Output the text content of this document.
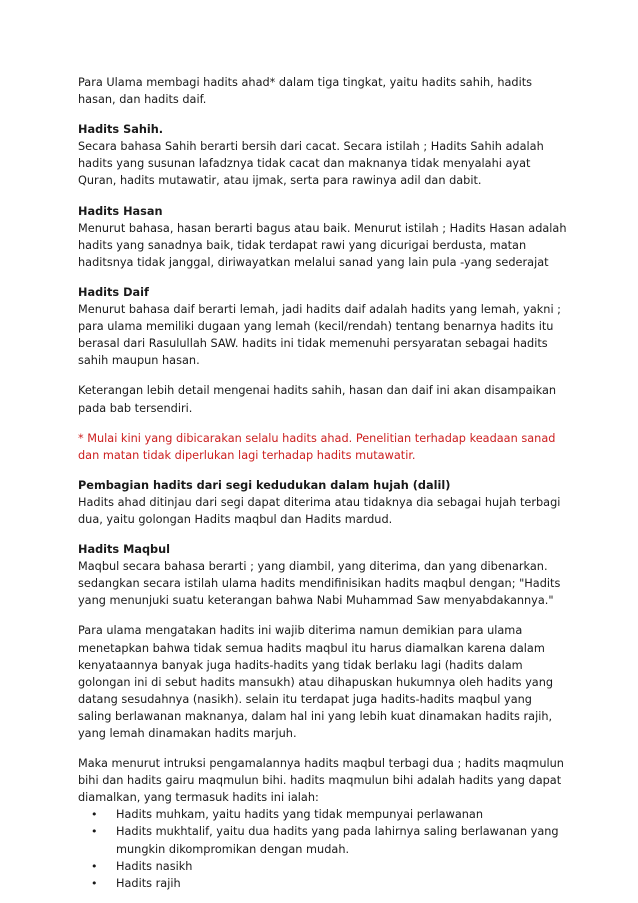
Para Ulama membagi hadits ahad* dalam tiga tingkat, yaitu hadits sahih, hadits hasan, dan hadits daif.

Hadits Sahih.
Secara bahasa Sahih berarti bersih dari cacat. Secara istilah ; Hadits Sahih adalah hadits yang susunan lafadznya tidak cacat dan maknanya tidak menyalahi ayat Quran, hadits mutawatir, atau ijmak, serta para rawinya adil dan dabit.

Hadits Hasan
Menurut bahasa, hasan berarti bagus atau baik. Menurut istilah ; Hadits Hasan adalah hadits yang sanadnya baik, tidak terdapat rawi yang dicurigai berdusta, matan haditsnya tidak janggal, diriwayatkan melalui sanad yang lain pula -yang sederajat

Hadits Daif
Menurut bahasa daif berarti lemah, jadi hadits daif adalah hadits yang lemah, yakni ; para ulama memiliki dugaan yang lemah (kecil/rendah) tentang benarnya hadits itu berasal dari Rasulullah SAW. hadits ini tidak memenuhi persyaratan sebagai hadits sahih maupun hasan.

Keterangan lebih detail mengenai hadits sahih, hasan dan daif ini akan disampaikan pada bab tersendiri.

* Mulai kini yang dibicarakan selalu hadits ahad. Penelitian terhadap keadaan sanad dan matan tidak diperlukan lagi terhadap hadits mutawatir.

Pembagian hadits dari segi kedudukan dalam hujah (dalil)
Hadits ahad ditinjau dari segi dapat diterima atau tidaknya dia sebagai hujah terbagi dua, yaitu golongan Hadits maqbul dan Hadits mardud.

Hadits Maqbul
Maqbul secara bahasa berarti ; yang diambil, yang diterima, dan yang dibenarkan. sedangkan secara istilah ulama hadits mendifinisikan hadits maqbul dengan; "Hadits yang menunjuki suatu keterangan bahwa Nabi Muhammad Saw menyabdakannya."

Para ulama mengatakan hadits ini wajib diterima namun demikian para ulama menetapkan bahwa tidak semua hadits maqbul itu harus diamalkan karena dalam kenyataannya banyak juga hadits-hadits yang tidak berlaku lagi (hadits dalam golongan ini di sebut hadits mansukh) atau dihapuskan hukumnya oleh hadits yang datang sesudahnya (nasikh). selain itu terdapat juga hadits-hadits maqbul yang saling berlawanan maknanya, dalam hal ini yang lebih kuat dinamakan hadits rajih, yang lemah dinamakan hadits marjuh.

Maka menurut intruksi pengamalannya hadits maqbul terbagi dua ; hadits maqmulun bihi dan hadits gairu maqmulun bihi. hadits maqmulun bihi adalah hadits yang dapat diamalkan, yang termasuk hadits ini ialah:

• Hadits muhkam, yaitu hadits yang tidak mempunyai perlawanan
• Hadits mukhtalif, yaitu dua hadits yang pada lahirnya saling berlawanan yang mungkin dikompromikan dengan mudah.
• Hadits nasikh
• Hadits rajih
